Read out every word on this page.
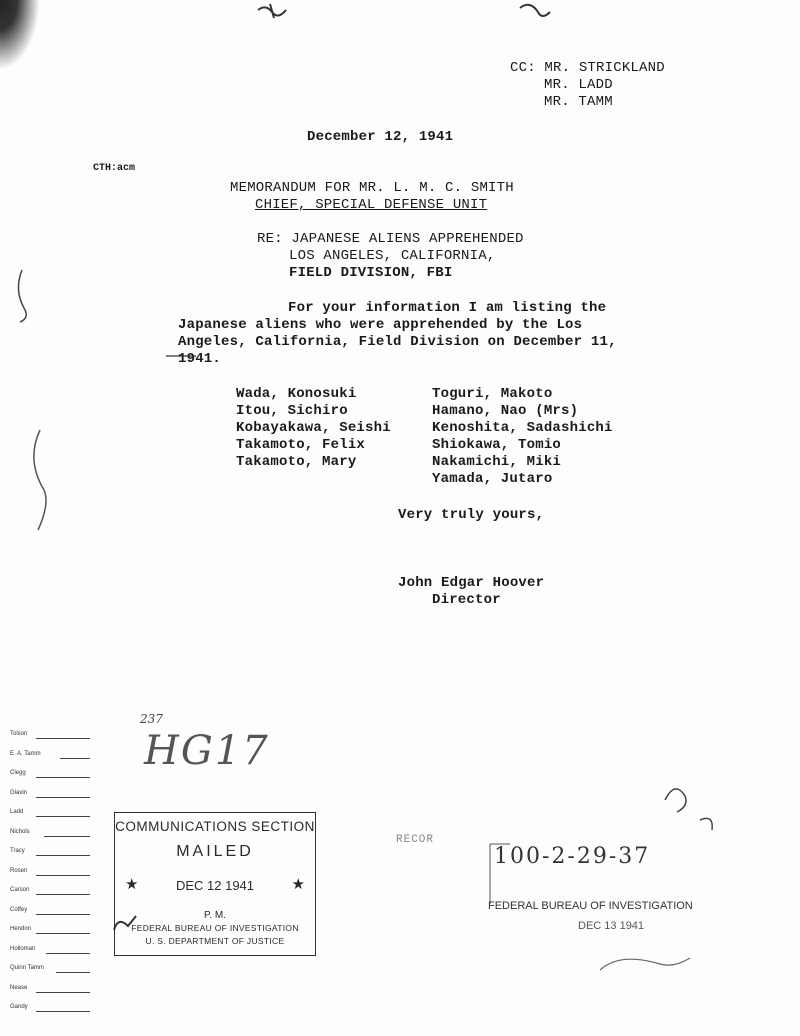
CC: MR. STRICKLAND
MR. LADD
MR. TAMM
December 12, 1941
CTH:acm
MEMORANDUM FOR MR. L. M. C. SMITH
CHIEF, SPECIAL DEFENSE UNIT
RE: JAPANESE ALIENS APPREHENDED
LOS ANGELES, CALIFORNIA,
FIELD DIVISION, FBI
For your information I am listing the
Japanese aliens who were apprehended by the Los
Angeles, California, Field Division on December 11,
1941.
Wada, Konosuki
Itou, Sichiro
Kobayakawa, Seishi
Takamoto, Felix
Takamoto, Mary
Toguri, Makoto
Hamano, Nao (Mrs)
Kenoshita, Sadashichi
Shiokawa, Tomio
Nakamichi, Miki
Yamada, Jutaro
Very truly yours,
John Edgar Hoover
Director
237
HG17
Tolson
E. A. Tamm
Clegg
Glavin
Ladd
Nichols
Tracy
Rosen
Carson
Coffey
Hendon
Holloman
Quinn Tamm
Nease
Gandy
COMMUNICATIONS SECTION
MAILED
★	DEC 12 1941	★
P. M.
FEDERAL BUREAU OF INVESTIGATION
U. S. DEPARTMENT OF JUSTICE
RECOR
100-2-29-37
FEDERAL BUREAU OF INVESTIGATION
DEC 13 1941
